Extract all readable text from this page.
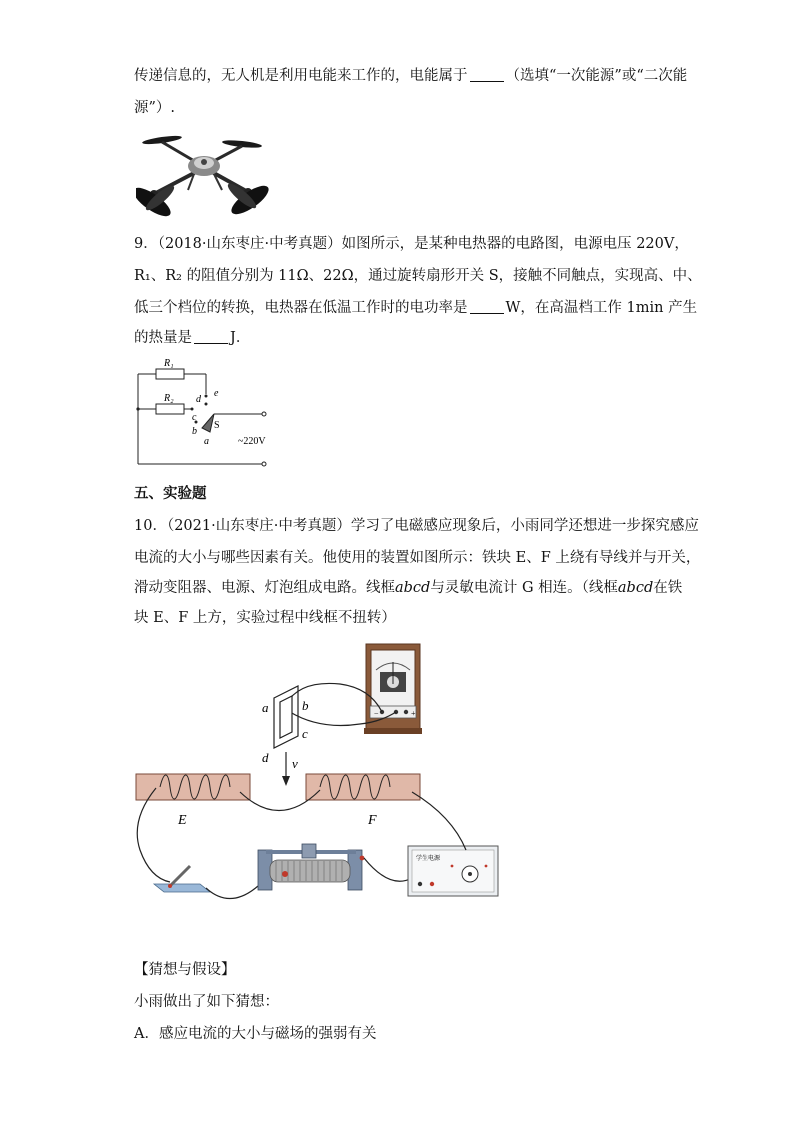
传递信息的，无人机是利用电能来工作的，电能属于	（选填“一次能源”或“二次能
源”）.
9．（2018·山东枣庄·中考真题）如图所示，是某种电热器的电路图，电源电压 220V，
R₁、R₂ 的阻值分别为 11Ω、22Ω，通过旋转扇形开关 S，接触不同触点，实现高、中、
低三个档位的转换，电热器在低温工作时的电功率是	W，在高温档工作 1min 产生
的热量是	J．
R₁
R₂	e
d
c
b
S
a	~220V
五、实验题
10．（2021·山东枣庄·中考真题）学习了电磁感应现象后，小雨同学还想进一步探究感应
电流的大小与哪些因素有关。他使用的装置如图所示：铁块 E、F 上绕有导线并与开关，
滑动变阻器、电源、灯泡组成电路。线框abcd与灵敏电流计 G 相连。（线框abcd在铁
块 E、F 上方，实验过程中线框不扭转）
−	+
a	b
c
d v
E	F
学生电源
【猜想与假设】
小雨做出了如下猜想：
A．感应电流的大小与磁场的强弱有关
